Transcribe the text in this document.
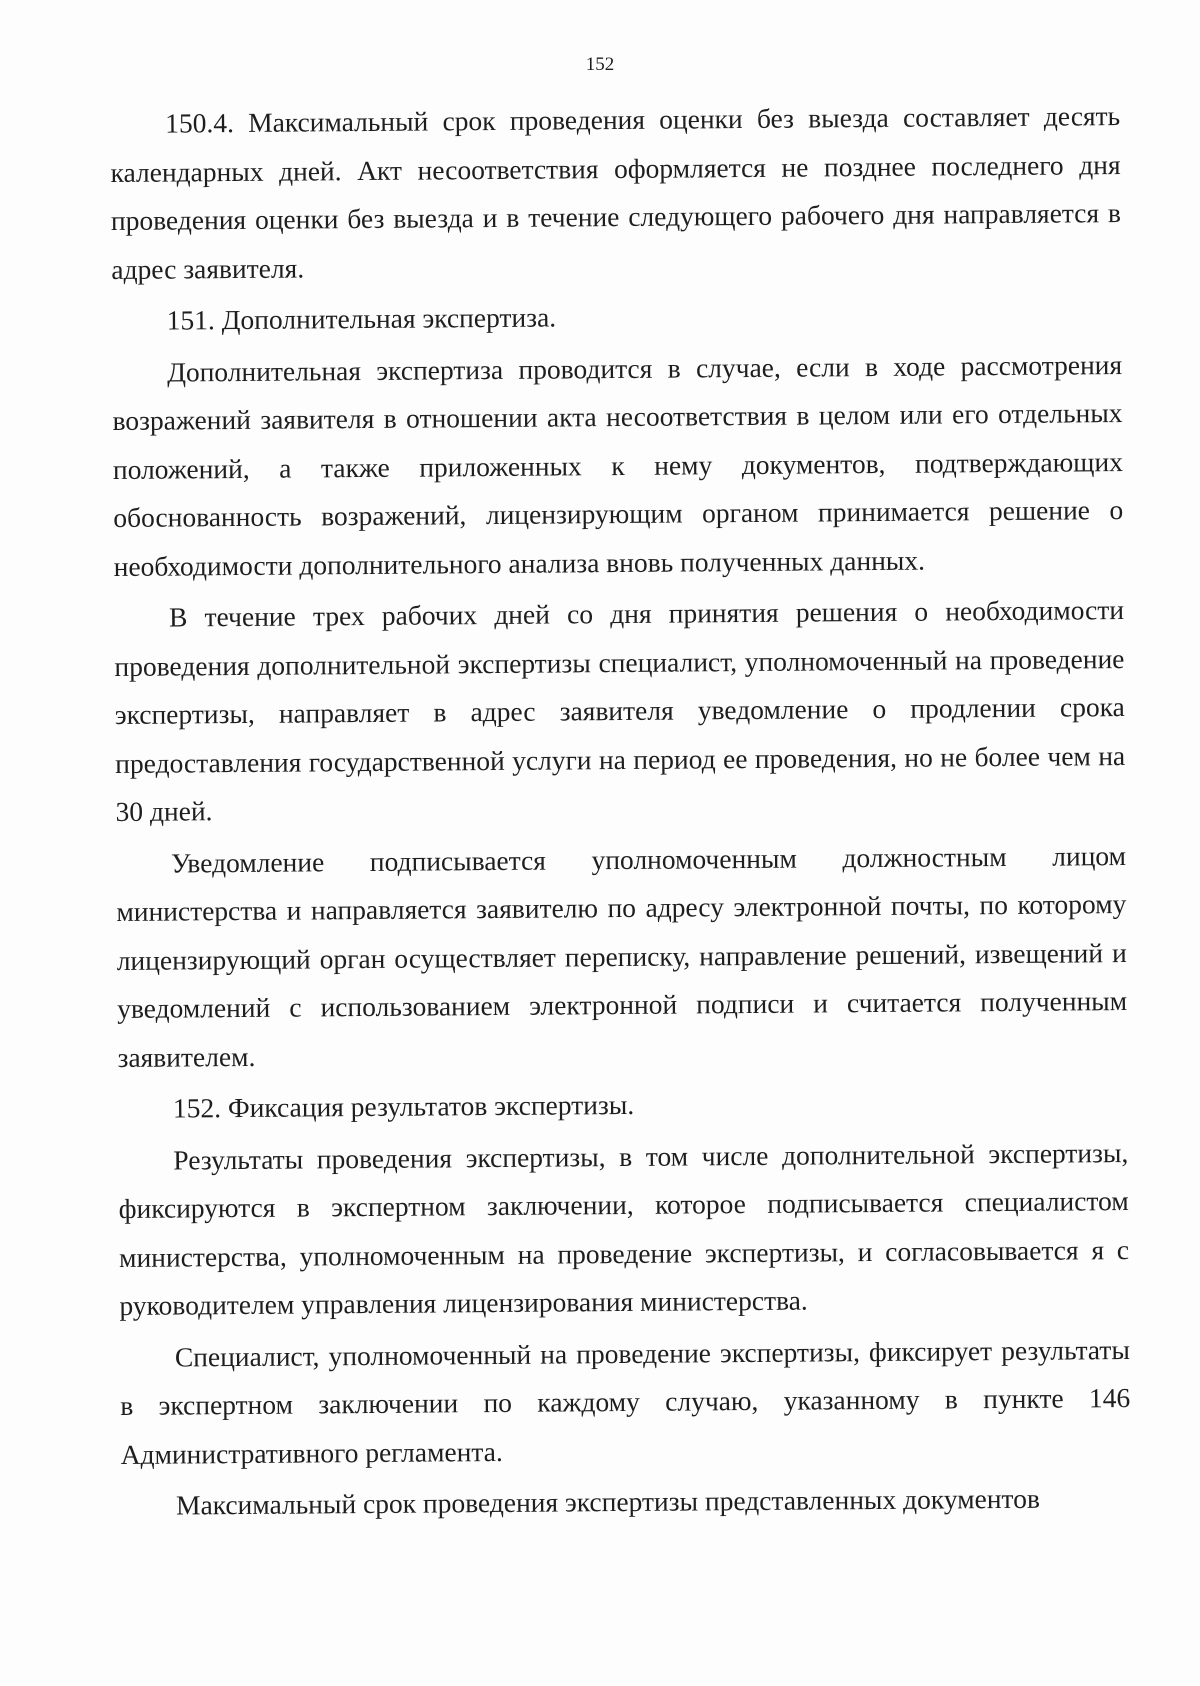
152

150.4. Максимальный срок проведения оценки без выезда составляет десять календарных дней. Акт несоответствия оформляется не позднее последнего дня проведения оценки без выезда и в течение следующего рабочего дня направляется в адрес заявителя.

151. Дополнительная экспертиза.

Дополнительная экспертиза проводится в случае, если в ходе рассмотрения возражений заявителя в отношении акта несоответствия в целом или его отдельных положений, а также приложенных к нему документов, подтверждающих обоснованность возражений, лицензирующим органом принимается решение о необходимости дополнительного анализа вновь полученных данных.

В течение трех рабочих дней со дня принятия решения о необходимости проведения дополнительной экспертизы специалист, уполномоченный на проведение экспертизы, направляет в адрес заявителя уведомление о продлении срока предоставления государственной услуги на период ее проведения, но не более чем на 30 дней.

Уведомление подписывается уполномоченным должностным лицом министерства и направляется заявителю по адресу электронной почты, по которому лицензирующий орган осуществляет переписку, направление решений, извещений и уведомлений с использованием электронной подписи и считается полученным заявителем.

152. Фиксация результатов экспертизы.

Результаты проведения экспертизы, в том числе дополнительной экспертизы, фиксируются в экспертном заключении, которое подписывается специалистом министерства, уполномоченным на проведение экспертизы, и согласовывается я с руководителем управления лицензирования министерства.

Специалист, уполномоченный на проведение экспертизы, фиксирует результаты в экспертном заключении по каждому случаю, указанному в пункте 146 Административного регламента.

Максимальный срок проведения экспертизы представленных документов
